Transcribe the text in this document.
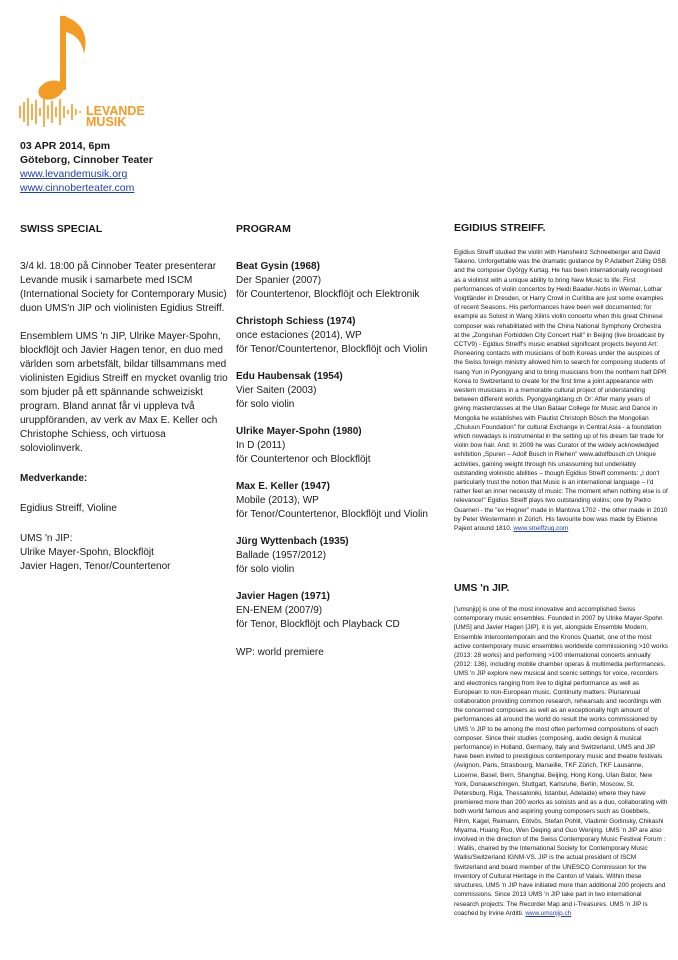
LEVANDE
MUSIK
03 APR 2014, 6pm
Göteborg, Cinnober Teater
www.levandemusik.org
www.cinnoberteater.com

SWISS SPECIAL

3/4 kl. 18:00 på Cinnober Teater presenterar Levande musik i samarbete med ISCM (International Society for Contemporary Music) duon UMS'n JIP och violinisten Egidius Streiff.

Ensemblem UMS 'n JIP, Ulrike Mayer-Spohn, blockflöjt och Javier Hagen tenor, en duo med världen som arbetsfält, bildar tillsammans med violinisten Egidius Streiff en mycket ovanlig trio som bjuder på ett spännande schweiziskt program. Bland annat får vi uppleva två uruppföranden, av verk av Max E. Keller och Christophe Schiess, och virtuosa soloviolinverk.

Medverkande:

Egidius Streiff, Violine

UMS 'n JIP:

Ulrike Mayer-Spohn, Blockflöjt

Javier Hagen, Tenor/Countertenor

PROGRAM

Beat Gysin (1968)
Der Spanier (2007)
för Countertenor, Blockflöjt och Elektronik
Christoph Schiess (1974)
once estaciones (2014), WP
för Tenor/Countertenor, Blockflöjt och Violin
Edu Haubensak (1954)
Vier Saiten (2003)
för solo violin
Ulrike Mayer-Spohn (1980)
In D (2011)
för Countertenor och Blockflöjt
Max E. Keller (1947)
Mobile (2013), WP
för Tenor/Countertenor, Blockflöjt und Violin
Jürg Wyttenbach (1935)
Ballade (1957/2012)
för solo violin
Javier Hagen (1971)
EN-ENEM (2007/9)
för Tenor, Blockflöjt och Playback CD

WP: world premiere

EGIDIUS STREIFF.

Egidius Streiff studied the violin with Hansheinz Schneeberger and David Takeno. Unforgettable was the dramatic guidance by P.Adalbert Züllig OSB and the composer György Kurtag. He has been internationally recognised as a violinist with a unique ability to bring New Music to life: First performances of violin concertos by Heidi Baader-Nobs in Weimar, Lothar Voigtländer in Dresden, or Harry Crowl in Curitiba are just some examples of recent Seasons. His performances have been well documented; for example as Soloist in Wang Xilins violin concerto when this great Chinese composer was rehabilitated with the China National Symphony Orchestra at the „Zongshan Forbidden City Concert Hall" in Beijing (live broadcast by CCTV9) - Egidius Streiff's music enabled significant projects beyond Art: Pioneering contacts with musicians of both Koreas under the auspices of the Swiss foreign ministry allowed him to search for composing students of Isang Yun in Pyongyang and to bring musicians from the northern half DPR Korea to Switzerland to create for the first time a joint appearance with western musicians in a memorable cultural project of understanding between different worlds. Pyongyangklang.ch Or: After many years of giving masterclasses at the Ulan Bataar College for Music and Dance in Mongolia he establishes with Flautist Christoph Bösch the Mongolian „Chuluun Foundation" for cultural Exchange in Central Asia - a foundation which nowadays is instrumental in the setting up of his dream fair trade for violin bow hair. And: In 2009 he was Curator of the widely acknowledged exhibition „Spuren – Adolf Busch in Riehen" www.adolfbusch.ch Unique activities, gaining weight through his unassuming but undeniably outstanding violinistic abilities – though Egidius Streiff comments: „I don't particularly trust the notion that Music is an international language – I'd rather feel an inner necessity of music: The moment when nothing else is of relevance!" Egidius Streiff plays two outstanding violins; one by Pietro Guarneri - the "ex Hegner" made in Mantova 1702 - the other made in 2010 by Peter Westermann in Zürich. His favourite bow was made by Etienne Pajeot around 1810. www.streiffzug.com

UMS 'n JIP.

['umsnjip] is one of the most innovative and accomplished Swiss contemporary music ensembles. Founded in 2007 by Ulrike Mayer-Spohn [UMS] and Javier Hagen [JIP], it is yet, alongside Ensemble Modern, Ensemble Intercontemporain and the Kronos Quartet, one of the most active contemporary music ensembles worldwide commissioning >10 works (2013: 28 works) and performing >100 international concerts annually (2012: 136), including mobile chamber operas & multimedia performances. UMS 'n JIP explore new musical and scenic settings for voice, recorders and electronics ranging from live to digital performance as well as European to non-European music. Continuity matters: Pluriannual collaboration providing common research, rehearsals and recordings with the concerned composers as well as an exceptionally high amount of performances all around the world do result the works commissioned by UMS 'n JIP to be among the most often performed compositions of each composer. Since their studies (composing, audio design & musical performance) in Holland, Germany, Italy and Switzerland, UMS and JIP have been invited to prestigious contemporary music and theatre festivals (Avignon, Paris, Strasbourg, Marseille, TKF Zürich, TKF Lausanne, Lucerne, Basel, Bern, Shanghai, Beijing, Hong Kong, Ulan Bator, New York, Donaueschingen, Stuttgart, Karlsruhe, Berlin, Moscow, St. Petersburg, Riga, Thessaloniki, Istanbul, Adelaide) where they have premiered more than 200 works as soloists and as a duo, collaborating with both world famous and aspiring young composers such as Goebbels, Rihm, Kagel, Reimann, Eötvös, Stefan Pohlit, Vladimir Gorlinsky, Chikashi Miyama, Huang Ruo, Wen Deqing and Guo Wenjing. UMS 'n JIP are also involved in the direction of the Swiss Contemporary Music Festival Forum : : Wallis, chaired by the International Society for Contemporary Music Wallis/Switzerland IGNM-VS. JIP is the actual president of ISCM Switzerland and board member of the UNESCO Commission for the Inventory of Cultural Heritage in the Canton of Valais. Within these structures, UMS 'n JIP have initiated more than additional 200 projects and commissions. Since 2013 UMS 'n JIP take part in two international research projects: The Recorder Map and i-Treasures. UMS 'n JIP is coached by Irvine Arditti. www.umsnjip.ch
